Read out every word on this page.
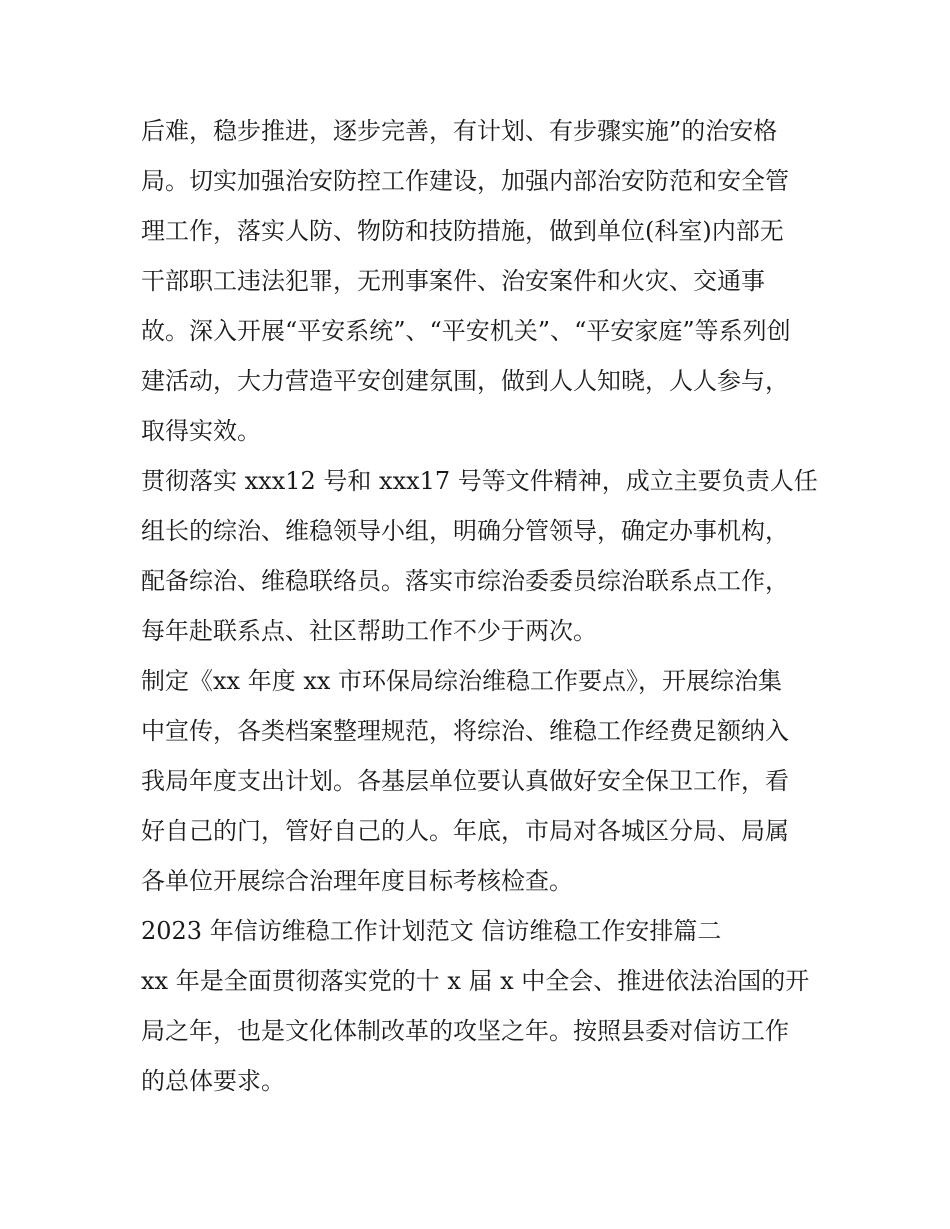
后难，稳步推进，逐步完善，有计划、有步骤实施”的治安格
局。切实加强治安防控工作建设，加强内部治安防范和安全管
理工作，落实人防、物防和技防措施，做到单位(科室)内部无
干部职工违法犯罪，无刑事案件、治安案件和火灾、交通事
故。深入开展“平安系统”、“平安机关”、“平安家庭”等系列创
建活动，大力营造平安创建氛围，做到人人知晓，人人参与，
取得实效。
贯彻落实 xxx12 号和 xxx17 号等文件精神，成立主要负责人任
组长的综治、维稳领导小组，明确分管领导，确定办事机构，
配备综治、维稳联络员。落实市综治委委员综治联系点工作，
每年赴联系点、社区帮助工作不少于两次。
制定《xx 年度 xx 市环保局综治维稳工作要点》，开展综治集
中宣传，各类档案整理规范，将综治、维稳工作经费足额纳入
我局年度支出计划。各基层单位要认真做好安全保卫工作，看
好自己的门，管好自己的人。年底，市局对各城区分局、局属
各单位开展综合治理年度目标考核检查。
2023 年信访维稳工作计划范文 信访维稳工作安排篇二
xx 年是全面贯彻落实党的十 x 届 x 中全会、推进依法治国的开
局之年，也是文化体制改革的攻坚之年。按照县委对信访工作
的总体要求。
